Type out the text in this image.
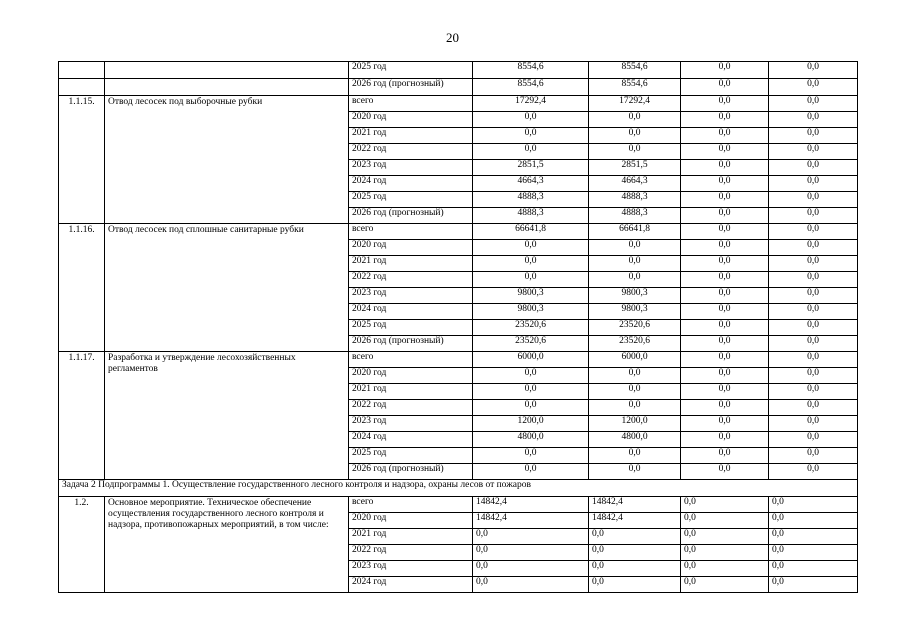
20
		2025 год	8554,6	8554,6	0,0	0,0
		2026 год (прогнозный)	8554,6	8554,6	0,0	0,0
1.1.15.	Отвод лесосек под выборочные рубки	всего	17292,4	17292,4	0,0	0,0
		2020 год	0,0	0,0	0,0	0,0
		2021 год	0,0	0,0	0,0	0,0
		2022 год	0,0	0,0	0,0	0,0
		2023 год	2851,5	2851,5	0,0	0,0
		2024 год	4664,3	4664,3	0,0	0,0
		2025 год	4888,3	4888,3	0,0	0,0
		2026 год (прогнозный)	4888,3	4888,3	0,0	0,0
1.1.16.	Отвод лесосек под сплошные санитарные рубки	всего	66641,8	66641,8	0,0	0,0
		2020 год	0,0	0,0	0,0	0,0
		2021 год	0,0	0,0	0,0	0,0
		2022 год	0,0	0,0	0,0	0,0
		2023 год	9800,3	9800,3	0,0	0,0
		2024 год	9800,3	9800,3	0,0	0,0
		2025 год	23520,6	23520,6	0,0	0,0
		2026 год (прогнозный)	23520,6	23520,6	0,0	0,0
1.1.17.	Разработка и утверждение лесохозяйственных регламентов	всего	6000,0	6000,0	0,0	0,0
		2020 год	0,0	0,0	0,0	0,0
		2021 год	0,0	0,0	0,0	0,0
		2022 год	0,0	0,0	0,0	0,0
		2023 год	1200,0	1200,0	0,0	0,0
		2024 год	4800,0	4800,0	0,0	0,0
		2025 год	0,0	0,0	0,0	0,0
		2026 год (прогнозный)	0,0	0,0	0,0	0,0
Задача 2 Подпрограммы 1. Осуществление государственного лесного контроля и надзора, охраны лесов от пожаров						
1.2.	Основное мероприятие. Техническое обеспечение осуществления государственного лесного контроля и надзора, противопожарных мероприятий, в том числе:	всего	14842,4	14842,4	0,0	0,0
		2020 год	14842,4	14842,4	0,0	0,0
		2021 год	0,0	0,0	0,0	0,0
		2022 год	0,0	0,0	0,0	0,0
		2023 год	0,0	0,0	0,0	0,0
		2024 год	0,0	0,0	0,0	0,0
